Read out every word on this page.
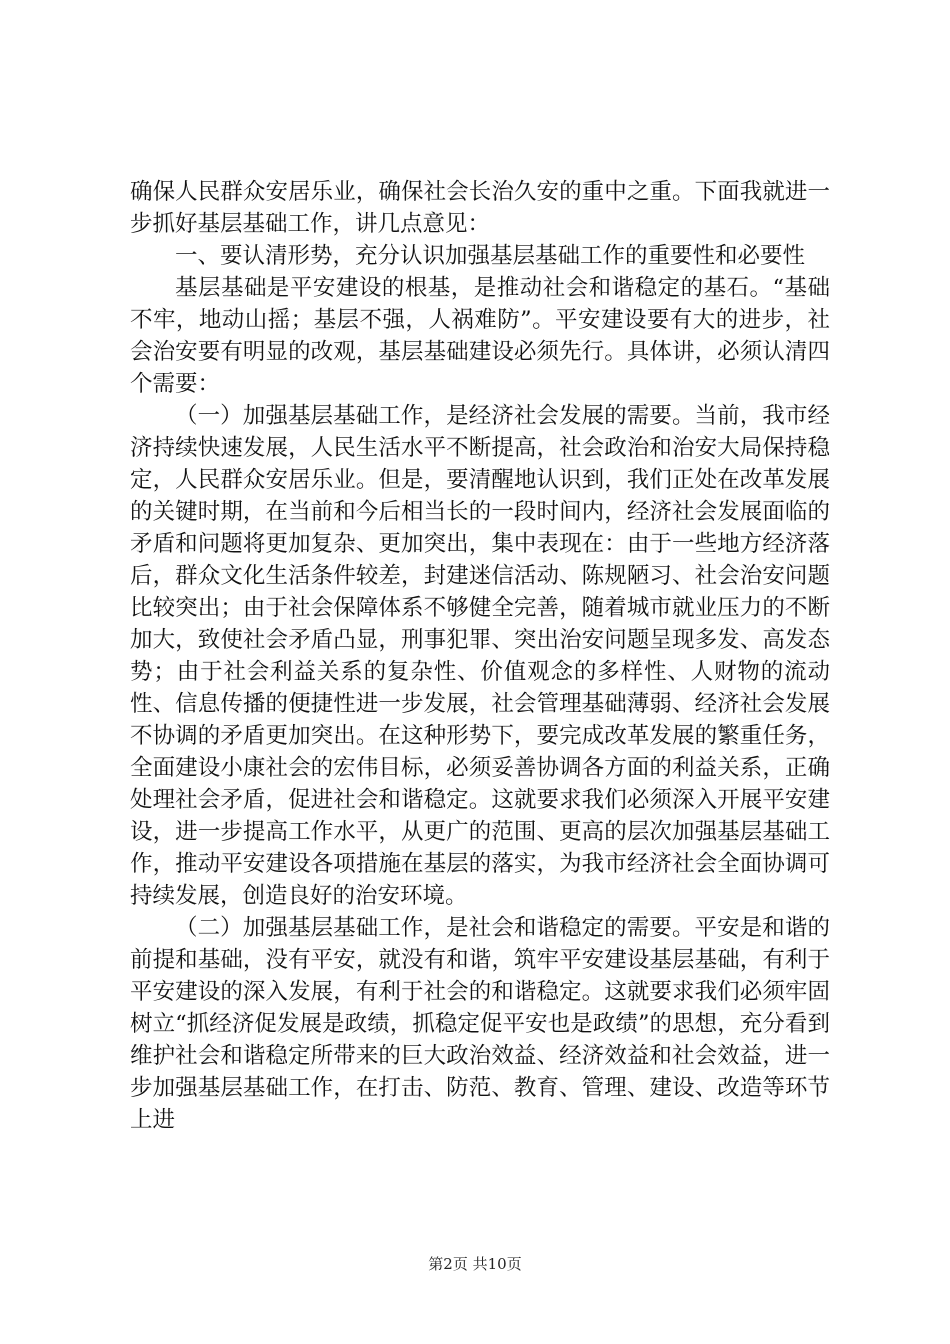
确保人民群众安居乐业，确保社会长治久安的重中之重。下面我就进一步抓好基层基础工作，讲几点意见：

一、要认清形势，充分认识加强基层基础工作的重要性和必要性

基层基础是平安建设的根基，是推动社会和谐稳定的基石。“基础不牢，地动山摇；基层不强，人祸难防”。平安建设要有大的进步，社会治安要有明显的改观，基层基础建设必须先行。具体讲，必须认清四个需要：

（一）加强基层基础工作，是经济社会发展的需要。当前，我市经济持续快速发展，人民生活水平不断提高，社会政治和治安大局保持稳定，人民群众安居乐业。但是，要清醒地认识到，我们正处在改革发展的关键时期，在当前和今后相当长的一段时间内，经济社会发展面临的矛盾和问题将更加复杂、更加突出，集中表现在：由于一些地方经济落后，群众文化生活条件较差，封建迷信活动、陈规陋习、社会治安问题比较突出；由于社会保障体系不够健全完善，随着城市就业压力的不断加大，致使社会矛盾凸显，刑事犯罪、突出治安问题呈现多发、高发态势；由于社会利益关系的复杂性、价值观念的多样性、人财物的流动性、信息传播的便捷性进一步发展，社会管理基础薄弱、经济社会发展不协调的矛盾更加突出。在这种形势下，要完成改革发展的繁重任务，全面建设小康社会的宏伟目标，必须妥善协调各方面的利益关系，正确处理社会矛盾，促进社会和谐稳定。这就要求我们必须深入开展平安建设，进一步提高工作水平，从更广的范围、更高的层次加强基层基础工作，推动平安建设各项措施在基层的落实，为我市经济社会全面协调可持续发展，创造良好的治安环境。

（二）加强基层基础工作，是社会和谐稳定的需要。平安是和谐的前提和基础，没有平安，就没有和谐，筑牢平安建设基层基础，有利于平安建设的深入发展，有利于社会的和谐稳定。这就要求我们必须牢固树立“抓经济促发展是政绩，抓稳定促平安也是政绩”的思想，充分看到维护社会和谐稳定所带来的巨大政治效益、经济效益和社会效益，进一步加强基层基础工作，在打击、防范、教育、管理、建设、改造等环节上进

第2页 共10页
